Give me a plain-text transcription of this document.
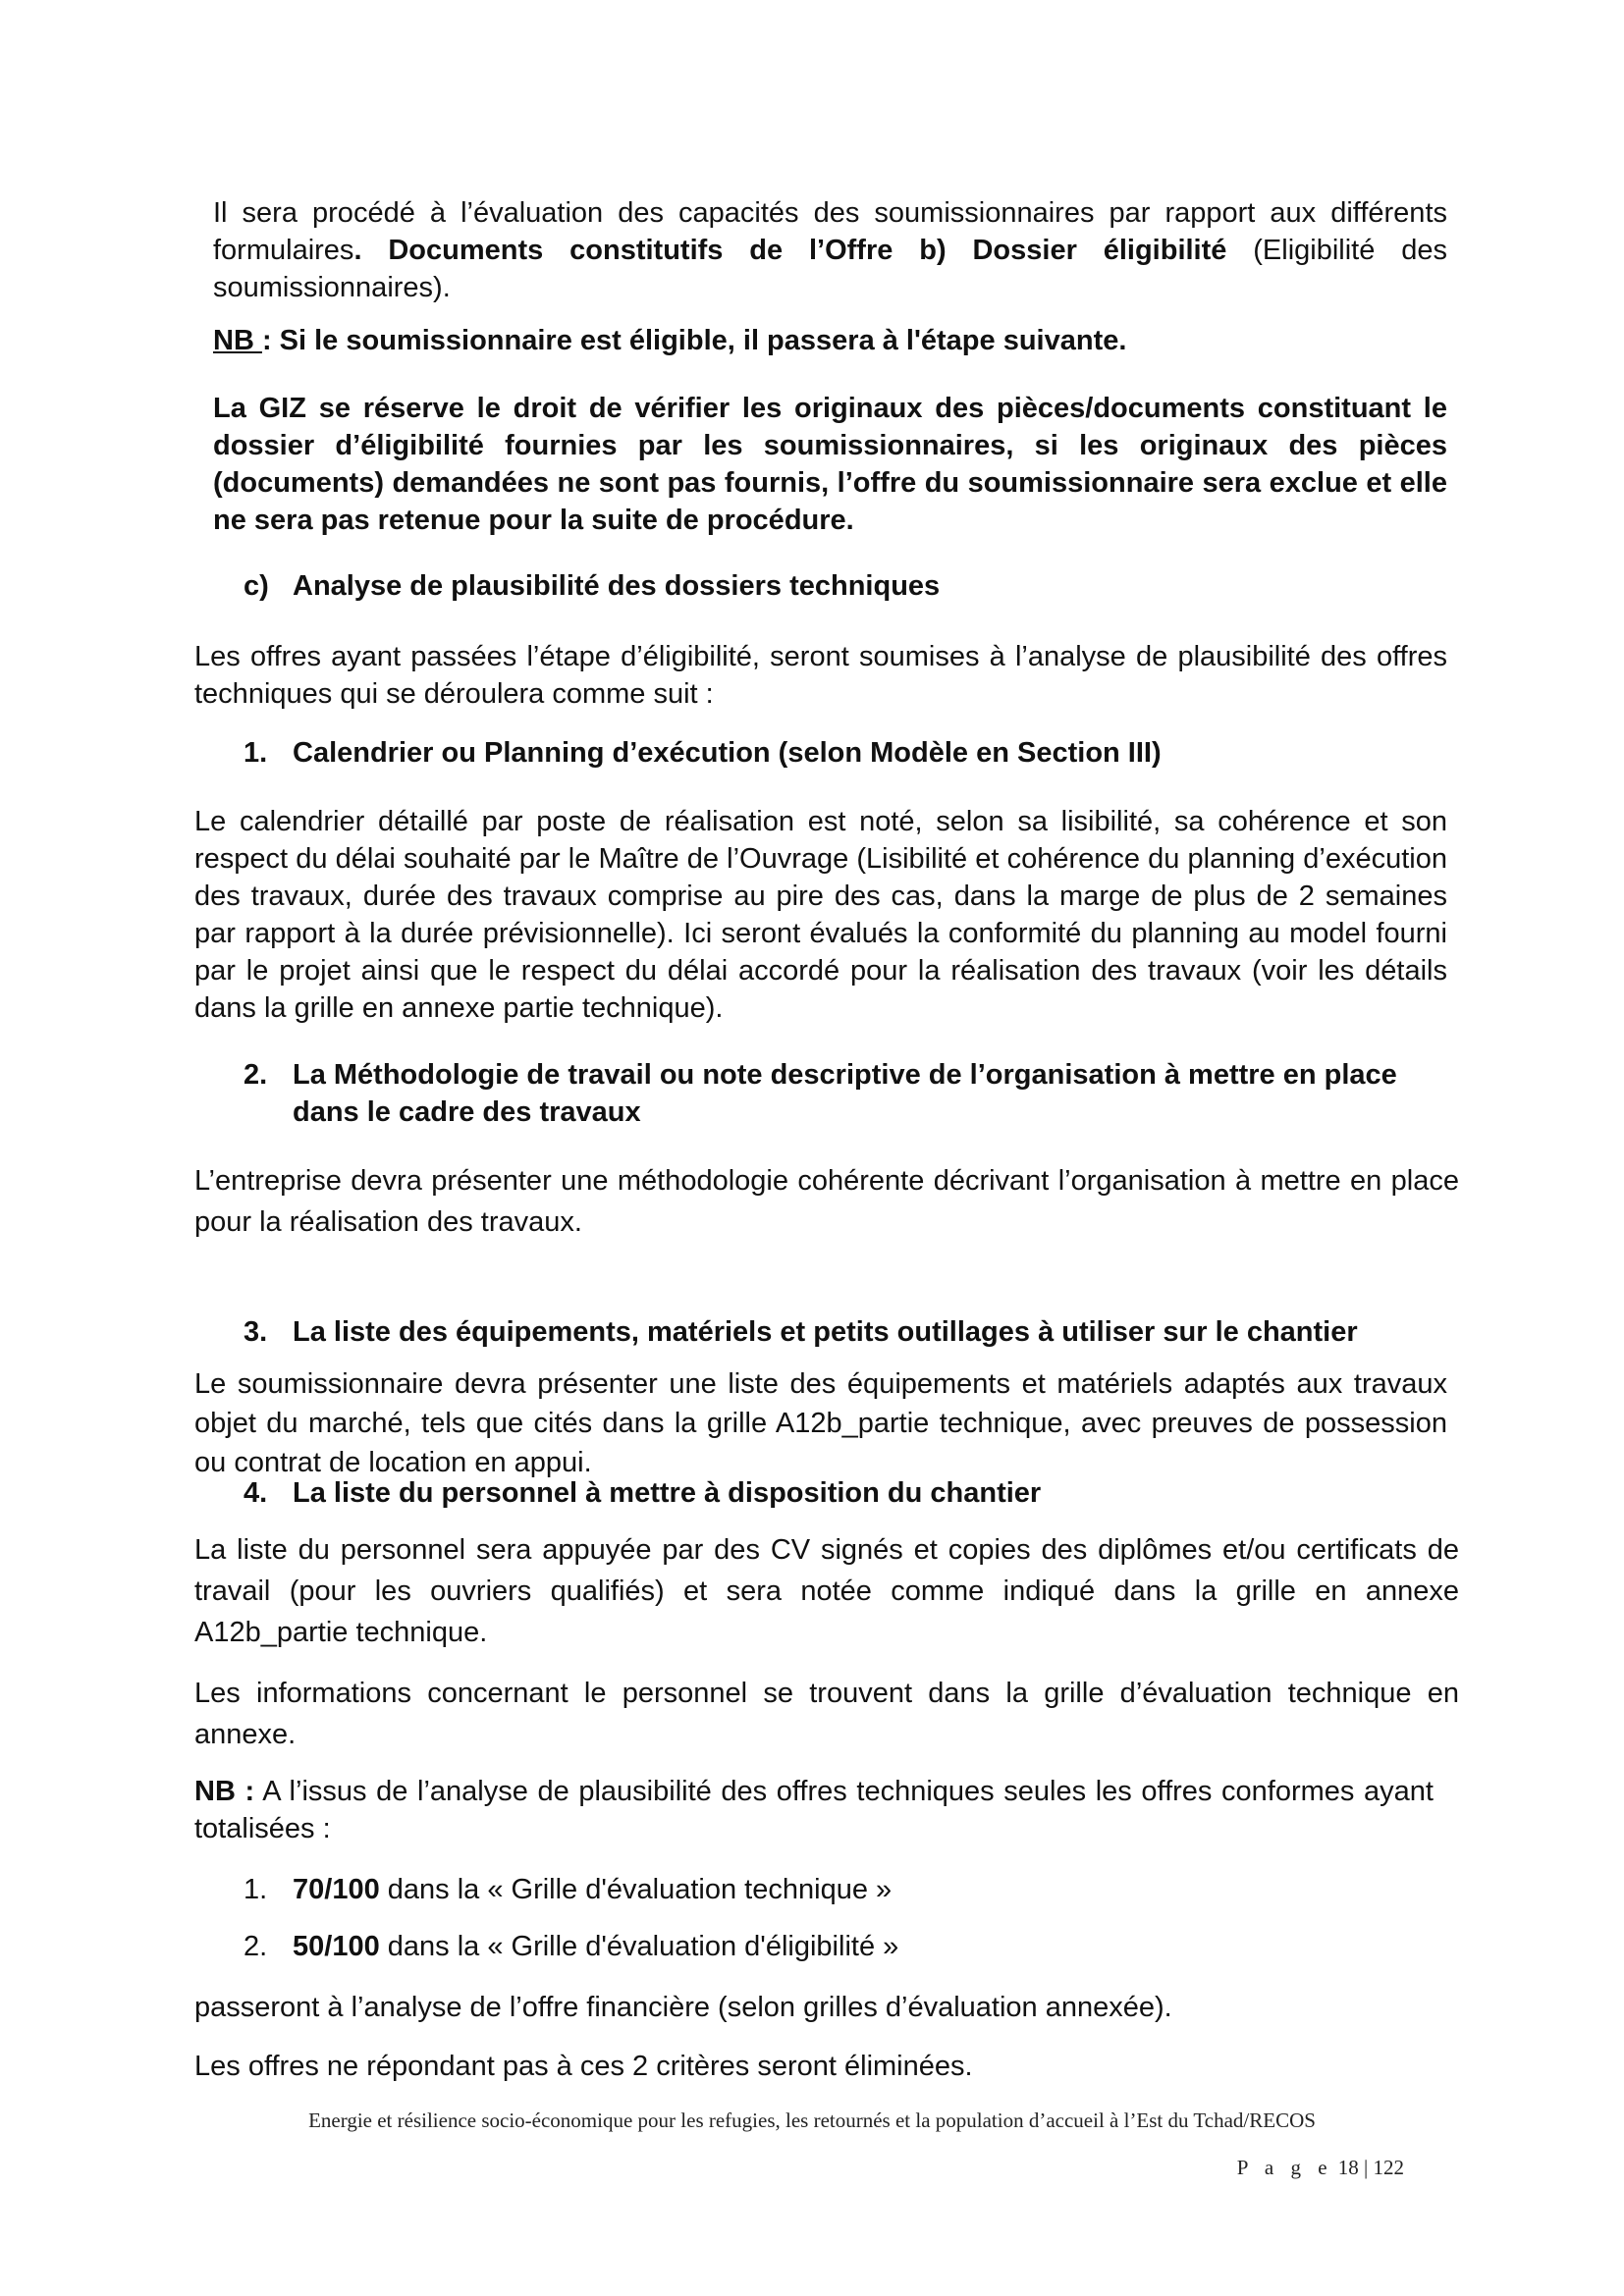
Il sera procédé à l’évaluation des capacités des soumissionnaires par rapport aux différents formulaires. Documents constitutifs de l’Offre b) Dossier éligibilité (Eligibilité des soumissionnaires).

NB : Si le soumissionnaire est éligible, il passera à l'étape suivante.

La GIZ se réserve le droit de vérifier les originaux des pièces/documents constituant le dossier d’éligibilité fournies par les soumissionnaires, si les originaux des pièces (documents) demandées ne sont pas fournis, l’offre du soumissionnaire sera exclue et elle ne sera pas retenue pour la suite de procédure.

c) Analyse de plausibilité des dossiers techniques

Les offres ayant passées l’étape d’éligibilité, seront soumises à l’analyse de plausibilité des offres techniques qui se déroulera comme suit :

1. Calendrier ou Planning d’exécution (selon Modèle en Section III)

Le calendrier détaillé par poste de réalisation est noté, selon sa lisibilité, sa cohérence et son respect du délai souhaité par le Maître de l’Ouvrage (Lisibilité et cohérence du planning d’exécution des travaux, durée des travaux comprise au pire des cas, dans la marge de plus de 2 semaines par rapport à la durée prévisionnelle). Ici seront évalués la conformité du planning au model fourni par le projet ainsi que le respect du délai accordé pour la réalisation des travaux (voir les détails dans la grille en annexe partie technique).

2. La Méthodologie de travail ou note descriptive de l’organisation à mettre en place dans le cadre des travaux

L’entreprise devra présenter une méthodologie cohérente décrivant l’organisation à mettre en place pour la réalisation des travaux.

3. La liste des équipements, matériels et petits outillages à utiliser sur le chantier

Le soumissionnaire devra présenter une liste des équipements et matériels adaptés aux travaux objet du marché, tels que cités dans la grille A12b_partie technique, avec preuves de possession ou contrat de location en appui.

4. La liste du personnel à mettre à disposition du chantier

La liste du personnel sera appuyée par des CV signés et copies des diplômes et/ou certificats de travail (pour les ouvriers qualifiés) et sera notée comme indiqué dans la grille en annexe A12b_partie technique.

Les informations concernant le personnel se trouvent dans la grille d’évaluation technique en annexe.

NB : A l’issus de l’analyse de plausibilité des offres techniques seules les offres conformes ayant totalisées :

1. 70/100 dans la « Grille d'évaluation technique »

2. 50/100 dans la « Grille d'évaluation d'éligibilité »

passeront à l’analyse de l’offre financière (selon grilles d’évaluation annexée).

Les offres ne répondant pas à ces 2 critères seront éliminées.

Energie et résilience socio-économique pour les refugies, les retournés et la population d’accueil à l’Est du Tchad/RECOS
P a g e 18 | 122
